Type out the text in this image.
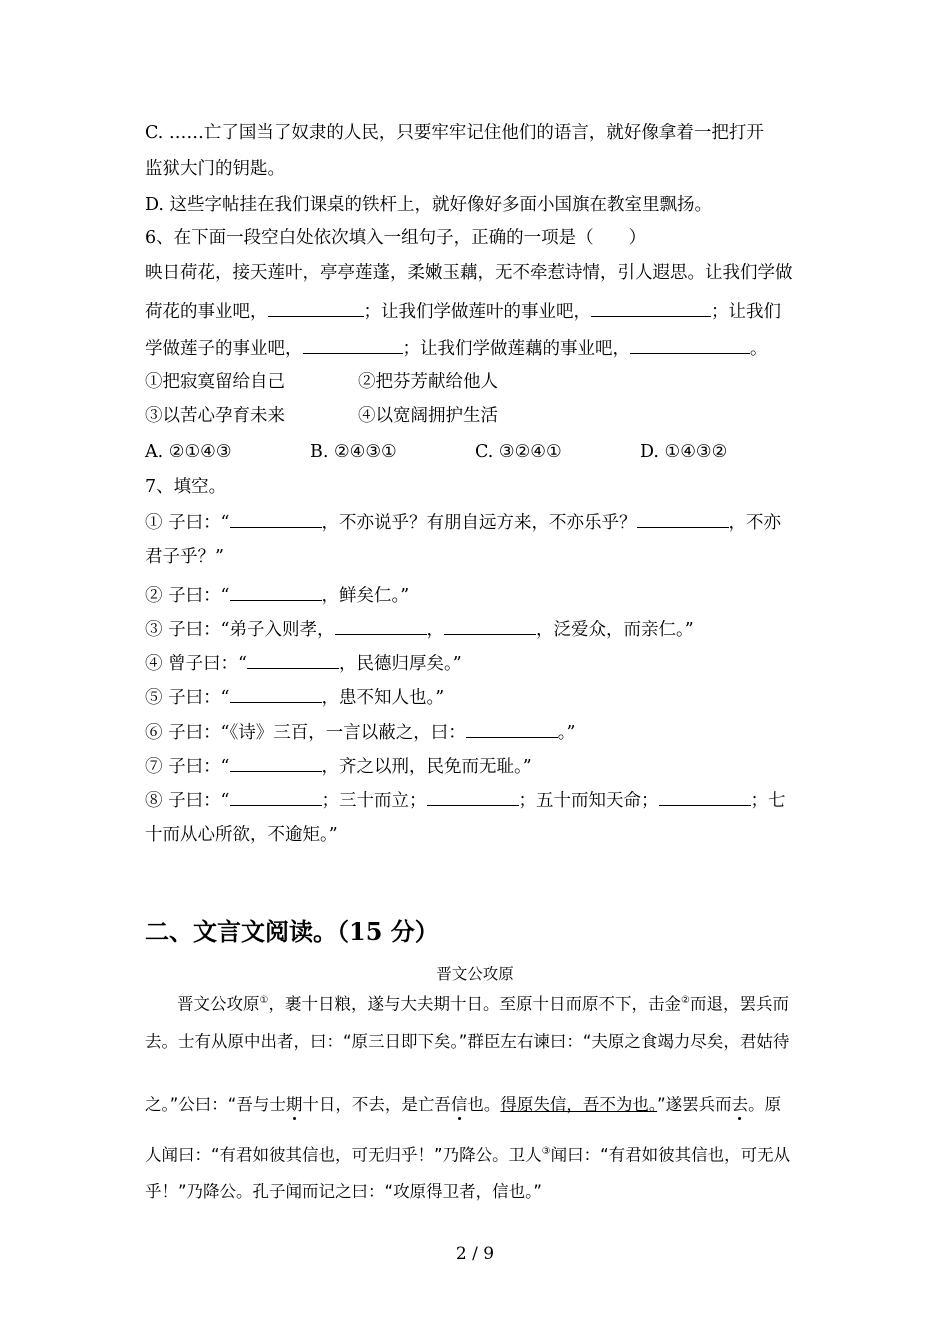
C. ……亡了国当了奴隶的人民，只要牢牢记住他们的语言，就好像拿着一把打开
监狱大门的钥匙。
D. 这些字帖挂在我们课桌的铁杆上，就好像好多面小国旗在教室里飘扬。
6、在下面一段空白处依次填入一组句子，正确的一项是（　　）
映日荷花，接天莲叶，亭亭莲蓬，柔嫩玉藕，无不牵惹诗情，引人遐思。让我们学做
荷花的事业吧，	；让我们学做莲叶的事业吧，	；让我们
学做莲子的事业吧，	；让我们学做莲藕的事业吧，	。
①把寂寞留给自己	②把芬芳献给他人
③以苦心孕育未来	④以宽阔拥护生活
A. ②①④③	B. ②④③①	C. ③②④①	D. ①④③②
7、填空。
① 子曰：“	，不亦说乎？有朋自远方来，不亦乐乎？	，不亦
君子乎？”
② 子曰：“	，鲜矣仁。”
③ 子曰：“弟子入则孝，	，	，泛爱众，而亲仁。”
④ 曾子曰：“	，民德归厚矣。”
⑤ 子曰：“	，患不知人也。”
⑥ 子曰：“《诗》三百，一言以蔽之，曰：	。”
⑦ 子曰：“	，齐之以刑，民免而无耻。”
⑧ 子曰：“	；三十而立；	；五十而知天命；	；七
十而从心所欲，不逾矩。”
二、文言文阅读。（15 分）
晋文公攻原
晋文公攻原①，裹十日粮，遂与大夫期十日。至原十日而原不下，击金②而退，罢兵而
去。士有从原中出者，曰：“原三日即下矣。”群臣左右谏曰：“夫原之食竭力尽矣，君姑待
之。”公曰：“吾与士期十日，不去，是亡吾信也。得原失信，吾不为也。”遂罢兵而去。原
人闻曰：“有君如彼其信也，可无归乎！”乃降公。卫人③闻曰：“有君如彼其信也，可无从
乎！”乃降公。孔子闻而记之曰：“攻原得卫者，信也。”
2 / 9
